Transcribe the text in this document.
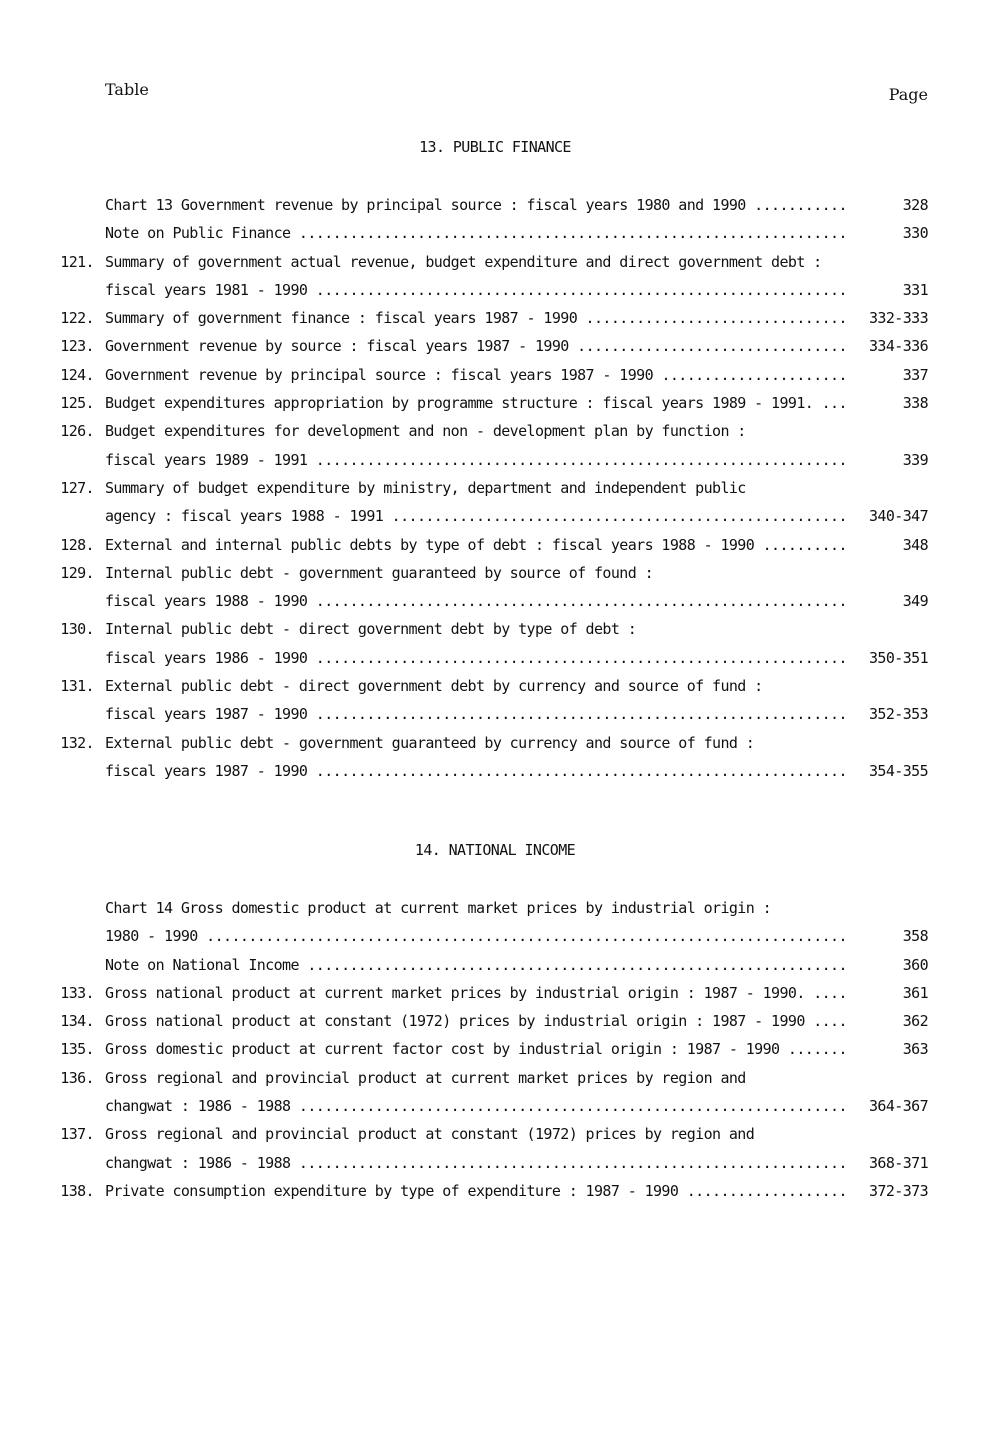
Table	Page
13. PUBLIC FINANCE
Chart 13 Government revenue by principal source : fiscal years 1980 and 1990 .....	328
Note on Public Finance .....	330
121. Summary of government actual revenue, budget expenditure and direct government debt :
fiscal years 1981 - 1990 .....	331
122. Summary of government finance : fiscal years 1987 - 1990 .....	332-333
123. Government revenue by source : fiscal years 1987 - 1990 .....	334-336
124. Government revenue by principal source : fiscal years 1987 - 1990 .....	337
125. Budget expenditures appropriation by programme structure : fiscal years 1989 - 1991. .....	338
126. Budget expenditures for development and non - development plan by function :
fiscal years 1989 - 1991 .....	339
127. Summary of budget expenditure by ministry, department and independent public
agency : fiscal years 1988 - 1991 .....	340-347
128. External and internal public debts by type of debt : fiscal years 1988 - 1990 .....	348
129. Internal public debt - government guaranteed by source of found :
fiscal years 1988 - 1990 .....	349
130. Internal public debt - direct government debt by type of debt :
fiscal years 1986 - 1990 .....	350-351
131. External public debt - direct government debt by currency and source of fund :
fiscal years 1987 - 1990 .....	352-353
132. External public debt - government guaranteed by currency and source of fund :
fiscal years 1987 - 1990 .....	354-355
14. NATIONAL INCOME
Chart 14 Gross domestic product at current market prices by industrial origin :
1980 - 1990 .....	358
Note on National Income .....	360
133. Gross national product at current market prices by industrial origin : 1987 - 1990. .....	361
134. Gross national product at constant (1972) prices by industrial origin : 1987 - 1990 .....	362
135. Gross domestic product at current factor cost by industrial origin : 1987 - 1990 .....	363
136. Gross regional and provincial product at current market prices by region and
changwat : 1986 - 1988 .....	364-367
137. Gross regional and provincial product at constant (1972) prices by region and
changwat : 1986 - 1988 .....	368-371
138. Private consumption expenditure by type of expenditure : 1987 - 1990 .....	372-373
